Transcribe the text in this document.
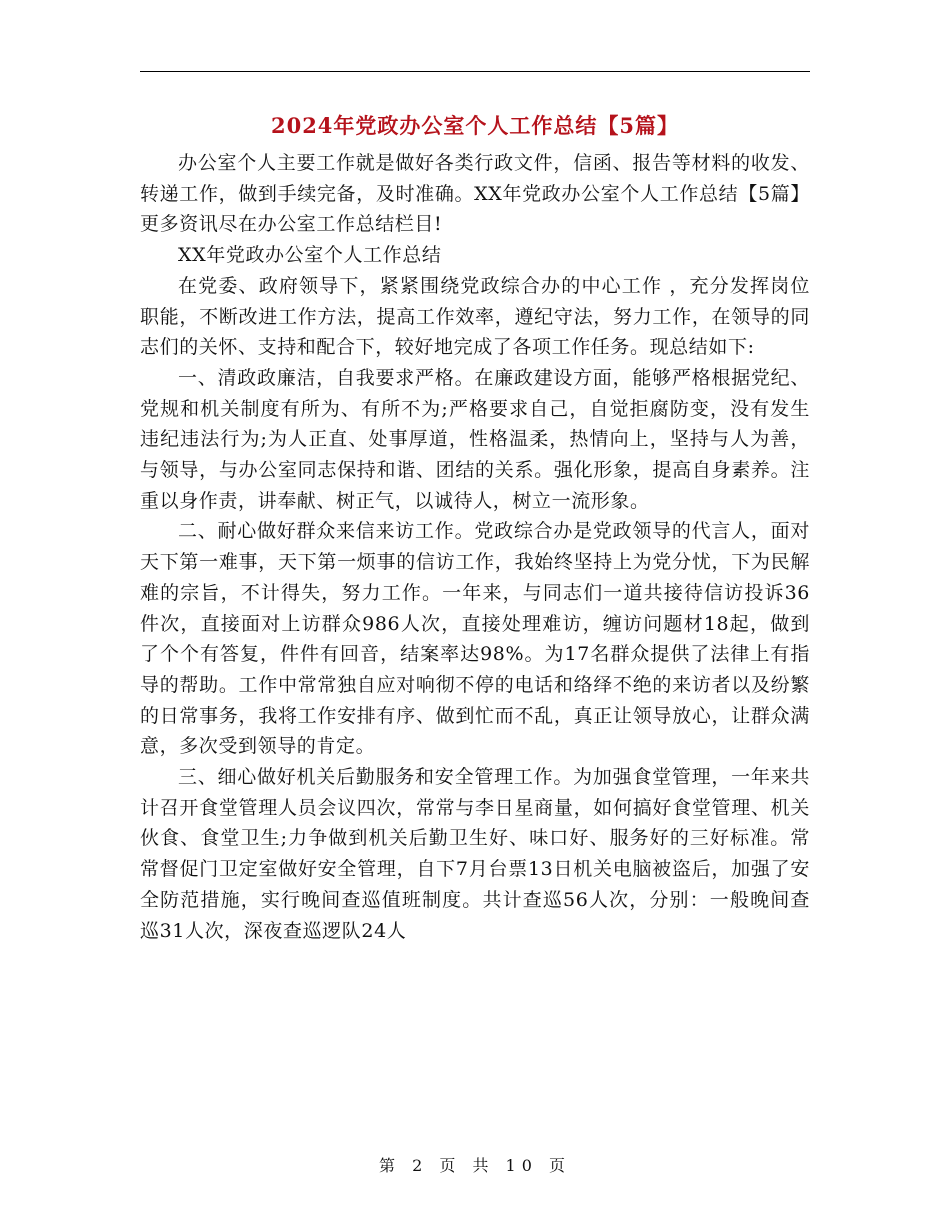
2024年党政办公室个人工作总结【5篇】

办公室个人主要工作就是做好各类行政文件，信函、报告等材料的收发、转递工作，做到手续完备，及时准确。XX年党政办公室个人工作总结【5篇】更多资讯尽在办公室工作总结栏目!

XX年党政办公室个人工作总结

在党委、政府领导下，紧紧围绕党政综合办的中心工作 ，充分发挥岗位职能，不断改进工作方法，提高工作效率，遵纪守法，努力工作，在领导的同志们的关怀、支持和配合下，较好地完成了各项工作任务。现总结如下:

一、清政政廉洁，自我要求严格。在廉政建设方面，能够严格根据党纪、党规和机关制度有所为、有所不为;严格要求自己，自觉拒腐防变，没有发生违纪违法行为;为人正直、处事厚道，性格温柔，热情向上，坚持与人为善，与领导，与办公室同志保持和谐、团结的关系。强化形象，提高自身素养。注重以身作责，讲奉献、树正气，以诚待人，树立一流形象。

二、耐心做好群众来信来访工作。党政综合办是党政领导的代言人，面对天下第一难事，天下第一烦事的信访工作，我始终坚持上为党分忧，下为民解难的宗旨，不计得失，努力工作。一年来，与同志们一道共接待信访投诉36件次，直接面对上访群众986人次，直接处理难访，缠访问题材18起，做到了个个有答复，件件有回音，结案率达98%。为17名群众提供了法律上有指导的帮助。工作中常常独自应对响彻不停的电话和络绎不绝的来访者以及纷繁的日常事务，我将工作安排有序、做到忙而不乱，真正让领导放心，让群众满意，多次受到领导的肯定。

三、细心做好机关后勤服务和安全管理工作。为加强食堂管理，一年来共计召开食堂管理人员会议四次，常常与李日星商量，如何搞好食堂管理、机关伙食、食堂卫生;力争做到机关后勤卫生好、味口好、服务好的三好标准。常常督促门卫定室做好安全管理，自下7月台票13日机关电脑被盗后，加强了安全防范措施，实行晚间查巡值班制度。共计查巡56人次，分别：一般晚间查巡31人次，深夜查巡逻队24人

第 2 页 共 10 页
